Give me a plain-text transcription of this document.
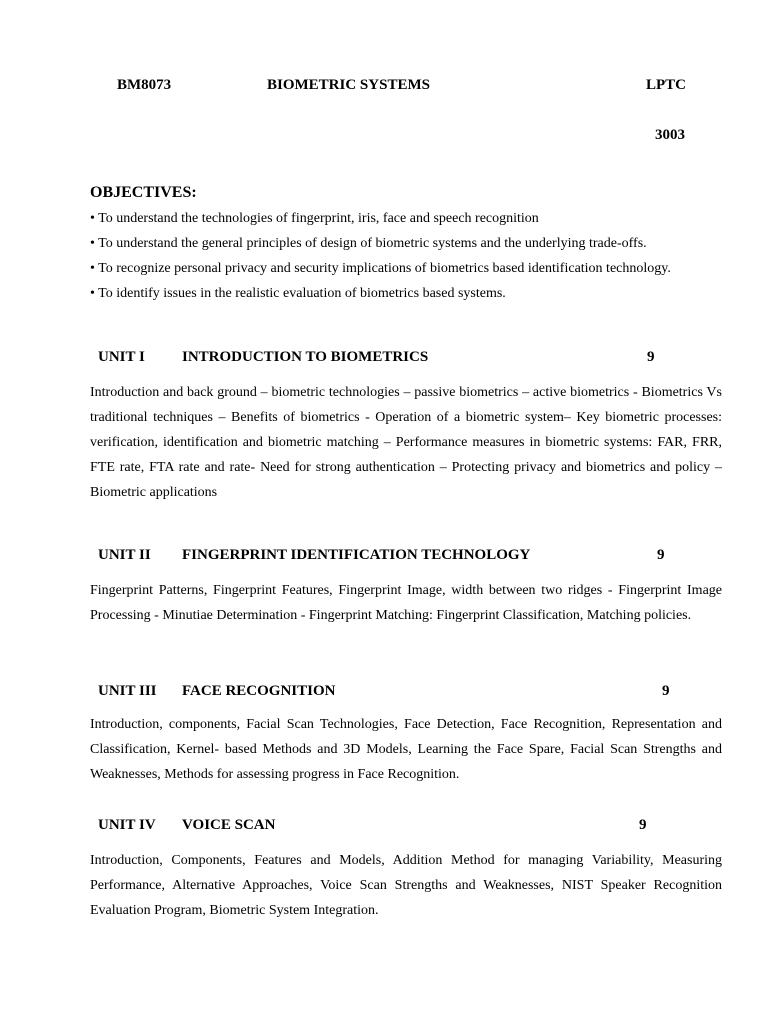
BM8073	BIOMETRIC SYSTEMS	LPTC
3003
OBJECTIVES:
• To understand the technologies of fingerprint, iris, face and speech recognition
• To understand the general principles of design of biometric systems and the underlying trade-offs.
• To recognize personal privacy and security implications of biometrics based identification technology.
• To identify issues in the realistic evaluation of biometrics based systems.
UNIT I INTRODUCTION TO BIOMETRICS	9
Introduction and back ground – biometric technologies – passive biometrics – active biometrics - Biometrics Vs traditional techniques – Benefits of biometrics - Operation of a biometric system– Key biometric processes: verification, identification and biometric matching – Performance measures in biometric systems: FAR, FRR, FTE rate, FTA rate and rate- Need for strong authentication – Protecting privacy and biometrics and policy – Biometric applications
UNIT II FINGERPRINT IDENTIFICATION TECHNOLOGY	9
Fingerprint Patterns, Fingerprint Features, Fingerprint Image, width between two ridges - Fingerprint Image Processing - Minutiae Determination - Fingerprint Matching: Fingerprint Classification, Matching policies.
UNIT III FACE RECOGNITION	9
Introduction, components, Facial Scan Technologies, Face Detection, Face Recognition, Representation and Classification, Kernel- based Methods and 3D Models, Learning the Face Spare, Facial Scan Strengths and Weaknesses, Methods for assessing progress in Face Recognition.
UNIT IV VOICE SCAN	9
Introduction, Components, Features and Models, Addition Method for managing Variability, Measuring Performance, Alternative Approaches, Voice Scan Strengths and Weaknesses, NIST Speaker Recognition Evaluation Program, Biometric System Integration.
